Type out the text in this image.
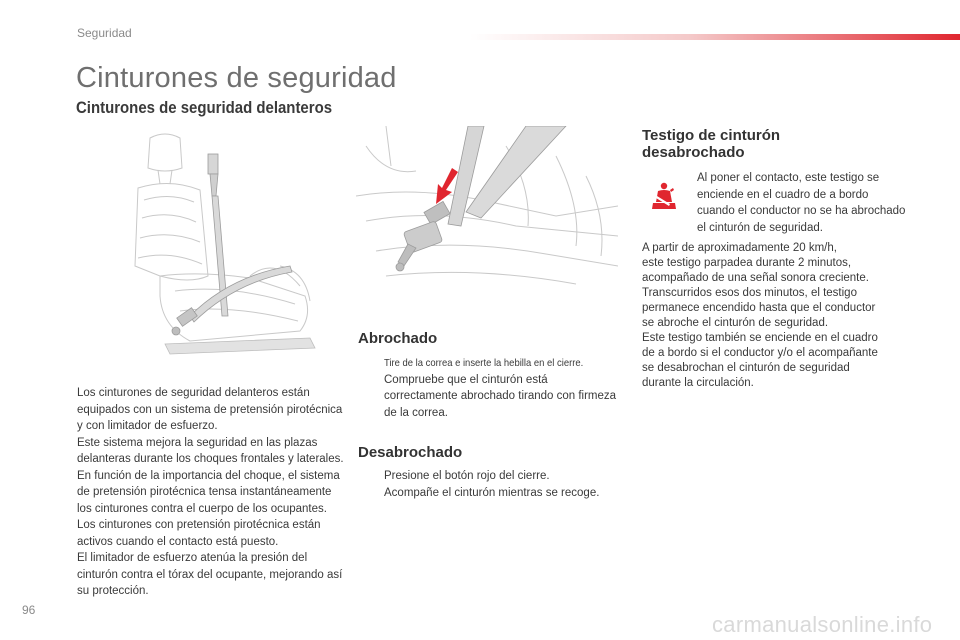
Seguridad
Cinturones de seguridad
Cinturones de seguridad delanteros

Los cinturones de seguridad delanteros están equipados con un sistema de pretensión pirotécnica y con limitador de esfuerzo.

Este sistema mejora la seguridad en las plazas delanteras durante los choques frontales y laterales. En función de la importancia del choque, el sistema de pretensión pirotécnica tensa instantáneamente los cinturones contra el cuerpo de los ocupantes.

Los cinturones con pretensión pirotécnica están activos cuando el contacto está puesto.

El limitador de esfuerzo atenúa la presión del cinturón contra el tórax del ocupante, mejorando así su protección.

Abrochado
Tire de la correa e inserte la hebilla en el cierre.
Compruebe que el cinturón está correctamente abrochado tirando con firmeza de la correa.
Desabrochado
Presione el botón rojo del cierre.
Acompañe el cinturón mientras se recoge.
Testigo de cinturón
desabrochado
Al poner el contacto, este testigo se enciende en el cuadro de a bordo cuando el conductor no se ha abrochado el cinturón de seguridad.
A partir de aproximadamente 20 km/h,
este testigo parpadea durante 2 minutos,
acompañado de una señal sonora creciente.
Transcurridos esos dos minutos, el testigo
permanece encendido hasta que el conductor
se abroche el cinturón de seguridad.
Este testigo también se enciende en el cuadro
de a bordo si el conductor y/o el acompañante
se desabrochan el cinturón de seguridad
durante la circulación.
96
carmanualsonline.info
